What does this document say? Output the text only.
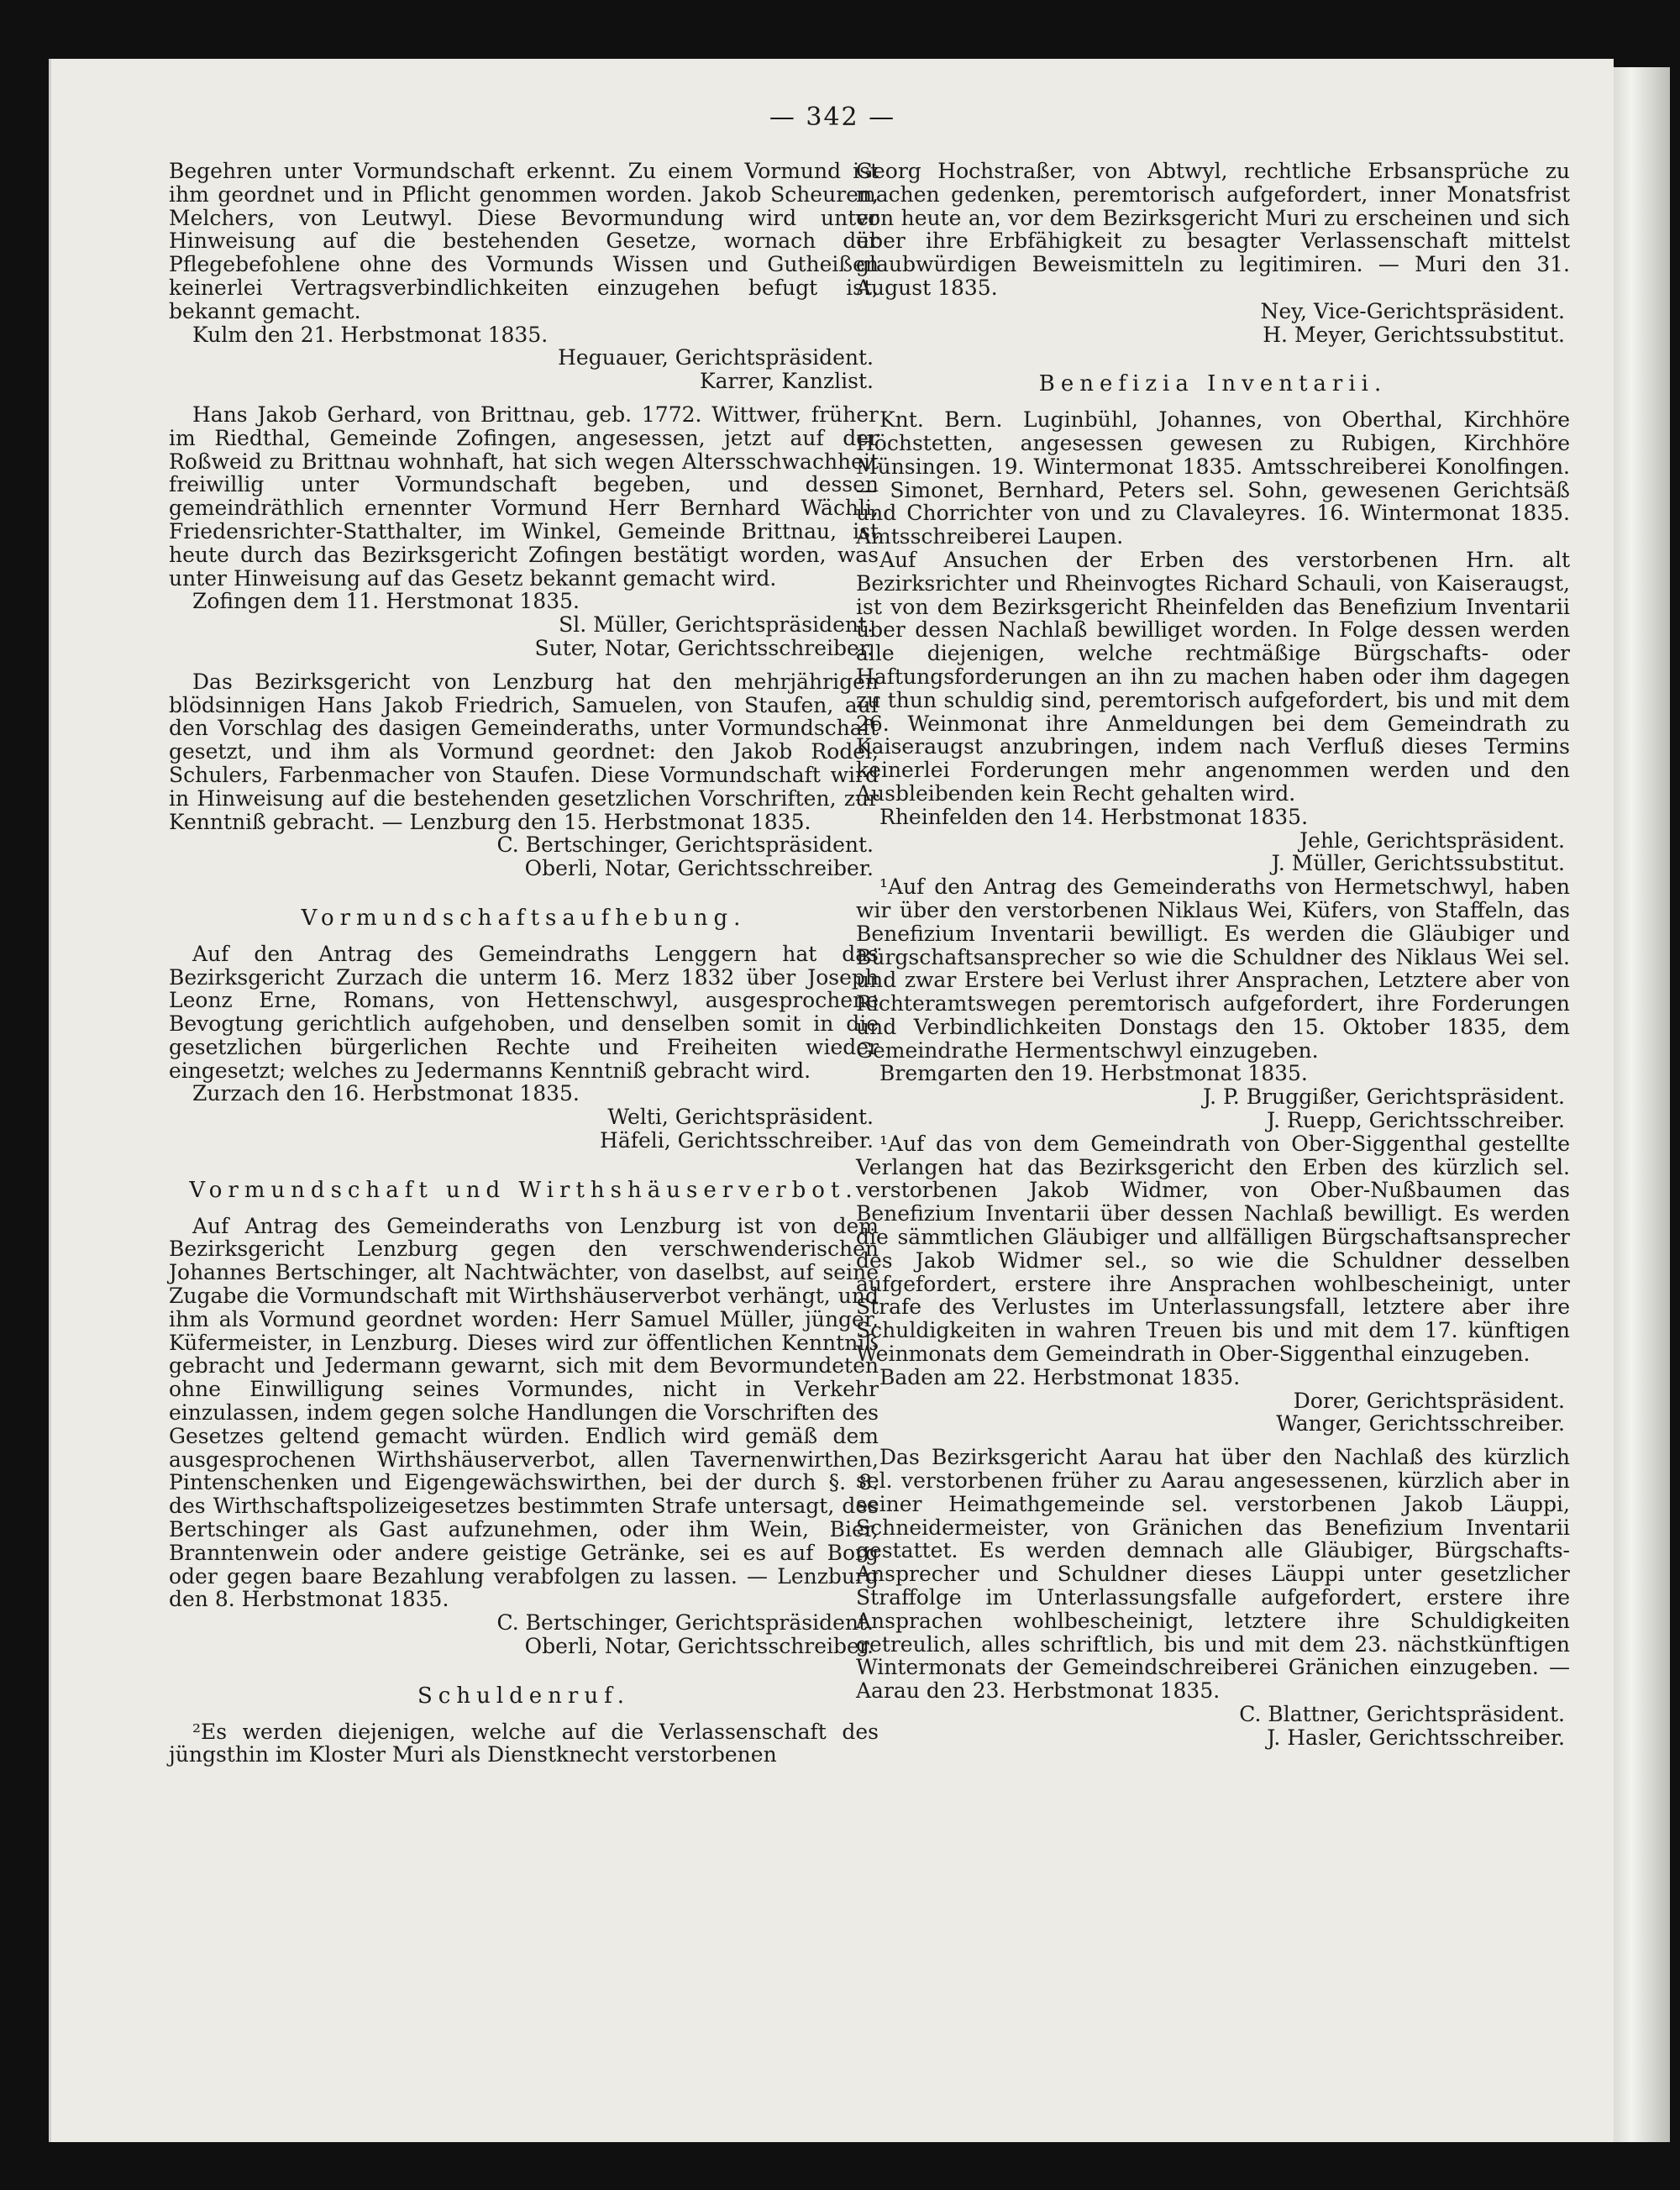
— 342 —

Begehren unter Vormundschaft erkennt. Zu einem Vormund ist ihm geordnet und in Pflicht genommen worden. Jakob Scheuren, Melchers, von Leutwyl. Diese Bevormundung wird unter Hinweisung auf die bestehenden Gesetze, wornach der Pflegebefohlene ohne des Vormunds Wissen und Gutheißen keinerlei Vertragsverbindlichkeiten einzugehen befugt ist, bekannt gemacht.

Kulm den 21. Herbstmonat 1835.

Heguauer, Gerichtspräsident.

Karrer, Kanzlist.

Hans Jakob Gerhard, von Brittnau, geb. 1772. Wittwer, früher im Riedthal, Gemeinde Zofingen, angesessen, jetzt auf der Roßweid zu Brittnau wohnhaft, hat sich wegen Altersschwachheit freiwillig unter Vormundschaft begeben, und dessen gemeindräthlich ernennter Vormund Herr Bernhard Wächli, Friedensrichter-Statthalter, im Winkel, Gemeinde Brittnau, ist heute durch das Bezirksgericht Zofingen bestätigt worden, was unter Hinweisung auf das Gesetz bekannt gemacht wird.

Zofingen dem 11. Herstmonat 1835.

Sl. Müller, Gerichtspräsident.

Suter, Notar, Gerichtsschreiber.

Das Bezirksgericht von Lenzburg hat den mehrjährigen blödsinnigen Hans Jakob Friedrich, Samuelen, von Staufen, auf den Vorschlag des dasigen Gemeinderaths, unter Vormundschaft gesetzt, und ihm als Vormund geordnet: den Jakob Rodel, Schulers, Farbenmacher von Staufen. Diese Vormundschaft wird in Hinweisung auf die bestehenden gesetzlichen Vorschriften, zur Kenntniß gebracht. — Lenzburg den 15. Herbstmonat 1835.

C. Bertschinger, Gerichtspräsident.

Oberli, Notar, Gerichtsschreiber.

Vormundschaftsaufhebung.

Auf den Antrag des Gemeindraths Lenggern hat das Bezirksgericht Zurzach die unterm 16. Merz 1832 über Joseph Leonz Erne, Romans, von Hettenschwyl, ausgesprochene Bevogtung gerichtlich aufgehoben, und denselben somit in die gesetzlichen bürgerlichen Rechte und Freiheiten wieder eingesetzt; welches zu Jedermanns Kenntniß gebracht wird.

Zurzach den 16. Herbstmonat 1835.

Welti, Gerichtspräsident.

Häfeli, Gerichtsschreiber.

Vormundschaft und Wirthshäuserverbot.

Auf Antrag des Gemeinderaths von Lenzburg ist von dem Bezirksgericht Lenzburg gegen den verschwenderischen Johannes Bertschinger, alt Nachtwächter, von daselbst, auf seine Zugabe die Vormundschaft mit Wirthshäuserverbot verhängt, und ihm als Vormund geordnet worden: Herr Samuel Müller, jünger, Küfermeister, in Lenzburg. Dieses wird zur öffentlichen Kenntniß gebracht und Jedermann gewarnt, sich mit dem Bevormundeten ohne Einwilligung seines Vormundes, nicht in Verkehr einzulassen, indem gegen solche Handlungen die Vorschriften des Gesetzes geltend gemacht würden. Endlich wird gemäß dem ausgesprochenen Wirthshäuserverbot, allen Tavernenwirthen, Pintenschenken und Eigengewächswirthen, bei der durch §. 8. des Wirthschaftspolizeigesetzes bestimmten Strafe untersagt, des Bertschinger als Gast aufzunehmen, oder ihm Wein, Bier, Branntenwein oder andere geistige Getränke, sei es auf Borg oder gegen baare Bezahlung verabfolgen zu lassen. — Lenzburg den 8. Herbstmonat 1835.

C. Bertschinger, Gerichtspräsident.

Oberli, Notar, Gerichtsschreiber.

Schuldenruf.

²Es werden diejenigen, welche auf die Verlassenschaft des jüngsthin im Kloster Muri als Dienstknecht verstorbenen

Georg Hochstraßer, von Abtwyl, rechtliche Erbsansprüche zu machen gedenken, peremtorisch aufgefordert, inner Monatsfrist von heute an, vor dem Bezirksgericht Muri zu erscheinen und sich über ihre Erbfähigkeit zu besagter Verlassenschaft mittelst glaubwürdigen Beweismitteln zu legitimiren. — Muri den 31. August 1835.

Ney, Vice-Gerichtspräsident.

H. Meyer, Gerichtssubstitut.

Benefizia Inventarii.

Knt. Bern. Luginbühl, Johannes, von Oberthal, Kirchhöre Höchstetten, angesessen gewesen zu Rubigen, Kirchhöre Münsingen. 19. Wintermonat 1835. Amtsschreiberei Konolfingen. — Simonet, Bernhard, Peters sel. Sohn, gewesenen Gerichtsäß und Chorrichter von und zu Clavaleyres. 16. Wintermonat 1835. Amtsschreiberei Laupen.

Auf Ansuchen der Erben des verstorbenen Hrn. alt Bezirksrichter und Rheinvogtes Richard Schauli, von Kaiseraugst, ist von dem Bezirksgericht Rheinfelden das Benefizium Inventarii über dessen Nachlaß bewilliget worden. In Folge dessen werden alle diejenigen, welche rechtmäßige Bürgschafts- oder Haftungsforderungen an ihn zu machen haben oder ihm dagegen zu thun schuldig sind, peremtorisch aufgefordert, bis und mit dem 26. Weinmonat ihre Anmeldungen bei dem Gemeindrath zu Kaiseraugst anzubringen, indem nach Verfluß dieses Termins keinerlei Forderungen mehr angenommen werden und den Ausbleibenden kein Recht gehalten wird.

Rheinfelden den 14. Herbstmonat 1835.

Jehle, Gerichtspräsident.

J. Müller, Gerichtssubstitut.

¹Auf den Antrag des Gemeinderaths von Hermetschwyl, haben wir über den verstorbenen Niklaus Wei, Küfers, von Staffeln, das Benefizium Inventarii bewilligt. Es werden die Gläubiger und Bürgschaftsansprecher so wie die Schuldner des Niklaus Wei sel. und zwar Erstere bei Verlust ihrer Ansprachen, Letztere aber von Richteramtswegen peremtorisch aufgefordert, ihre Forderungen und Verbindlichkeiten Donstags den 15. Oktober 1835, dem Gemeindrathe Hermentschwyl einzugeben.

Bremgarten den 19. Herbstmonat 1835.

J. P. Bruggißer, Gerichtspräsident.

J. Ruepp, Gerichtsschreiber.

¹Auf das von dem Gemeindrath von Ober-Siggenthal gestellte Verlangen hat das Bezirksgericht den Erben des kürzlich sel. verstorbenen Jakob Widmer, von Ober-Nußbaumen das Benefizium Inventarii über dessen Nachlaß bewilligt. Es werden die sämmtlichen Gläubiger und allfälligen Bürgschaftsansprecher des Jakob Widmer sel., so wie die Schuldner desselben aufgefordert, erstere ihre Ansprachen wohlbescheinigt, unter Strafe des Verlustes im Unterlassungsfall, letztere aber ihre Schuldigkeiten in wahren Treuen bis und mit dem 17. künftigen Weinmonats dem Gemeindrath in Ober-Siggenthal einzugeben.

Baden am 22. Herbstmonat 1835.

Dorer, Gerichtspräsident.

Wanger, Gerichtsschreiber.

Das Bezirksgericht Aarau hat über den Nachlaß des kürzlich sel. verstorbenen früher zu Aarau angesessenen, kürzlich aber in seiner Heimathgemeinde sel. verstorbenen Jakob Läuppi, Schneidermeister, von Gränichen das Benefizium Inventarii gestattet. Es werden demnach alle Gläubiger, Bürgschafts-Ansprecher und Schuldner dieses Läuppi unter gesetzlicher Straffolge im Unterlassungsfalle aufgefordert, erstere ihre Ansprachen wohlbescheinigt, letztere ihre Schuldigkeiten getreulich, alles schriftlich, bis und mit dem 23. nächstkünftigen Wintermonats der Gemeindschreiberei Gränichen einzugeben. — Aarau den 23. Herbstmonat 1835.

C. Blattner, Gerichtspräsident.

J. Hasler, Gerichtsschreiber.
